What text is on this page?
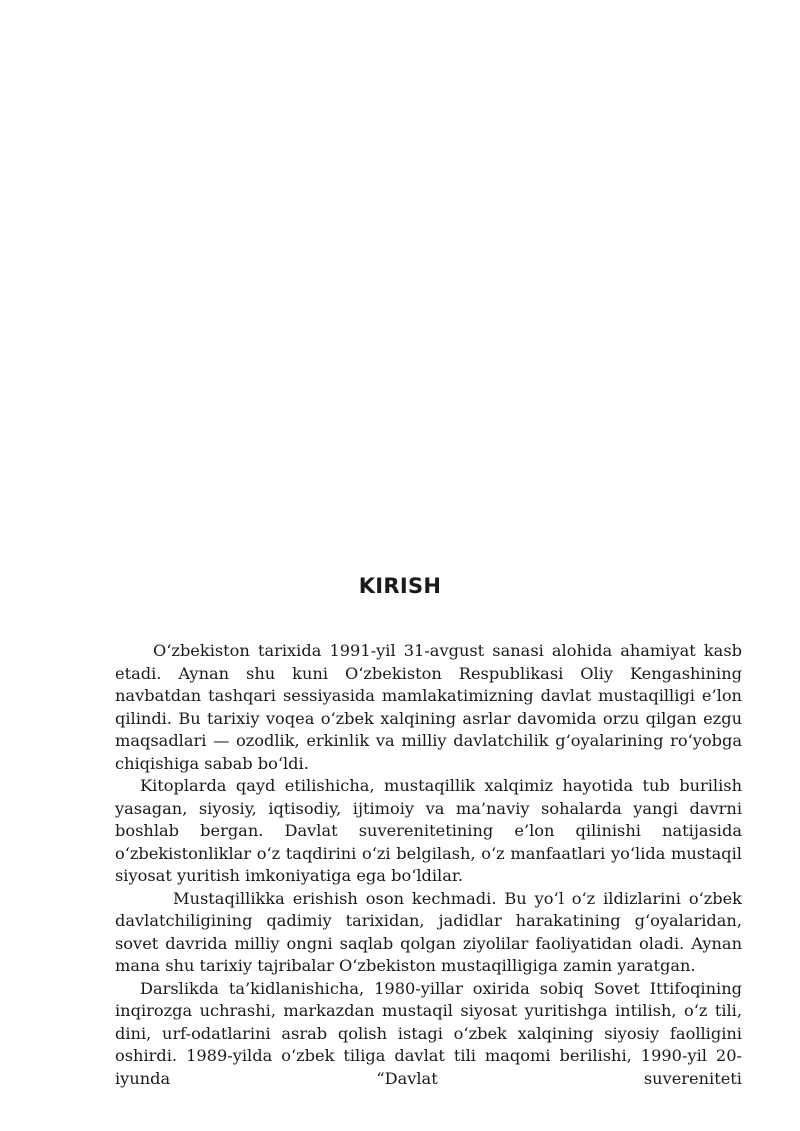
KIRISH

O‘zbekiston tarixida 1991-yil 31-avgust sanasi alohida ahamiyat kasb etadi. Aynan shu kuni O‘zbekiston Respublikasi Oliy Kengashining navbatdan tashqari sessiyasida mamlakatimizning davlat mustaqilligi e’lon qilindi. Bu tarixiy voqea o‘zbek xalqining asrlar davomida orzu qilgan ezgu maqsadlari — ozodlik, erkinlik va milliy davlatchilik g‘oyalarining ro‘yobga chiqishiga sabab bo‘ldi.

Kitoplarda qayd etilishicha, mustaqillik xalqimiz hayotida tub burilish yasagan, siyosiy, iqtisodiy, ijtimoiy va ma’naviy sohalarda yangi davrni boshlab bergan. Davlat suverenitetining e’lon qilinishi natijasida o‘zbekistonliklar o‘z taqdirini o‘zi belgilash, o‘z manfaatlari yo‘lida mustaqil siyosat yuritish imkoniyatiga ega bo‘ldilar.

Mustaqillikka erishish oson kechmadi. Bu yo‘l o‘z ildizlarini o‘zbek davlatchiligining qadimiy tarixidan, jadidlar harakatining g‘oyalaridan, sovet davrida milliy ongni saqlab qolgan ziyolilar faoliyatidan oladi. Aynan mana shu tarixiy tajribalar O‘zbekiston mustaqilligiga zamin yaratgan.

Darslikda ta’kidlanishicha, 1980-yillar oxirida sobiq Sovet Ittifoqining inqirozga uchrashi, markazdan mustaqil siyosat yuritishga intilish, o‘z tili, dini, urf-odatlarini asrab qolish istagi o‘zbek xalqining siyosiy faolligini oshirdi. 1989-yilda o‘zbek tiliga davlat tili maqomi berilishi, 1990-yil 20-iyunda “Davlat suvereniteti
